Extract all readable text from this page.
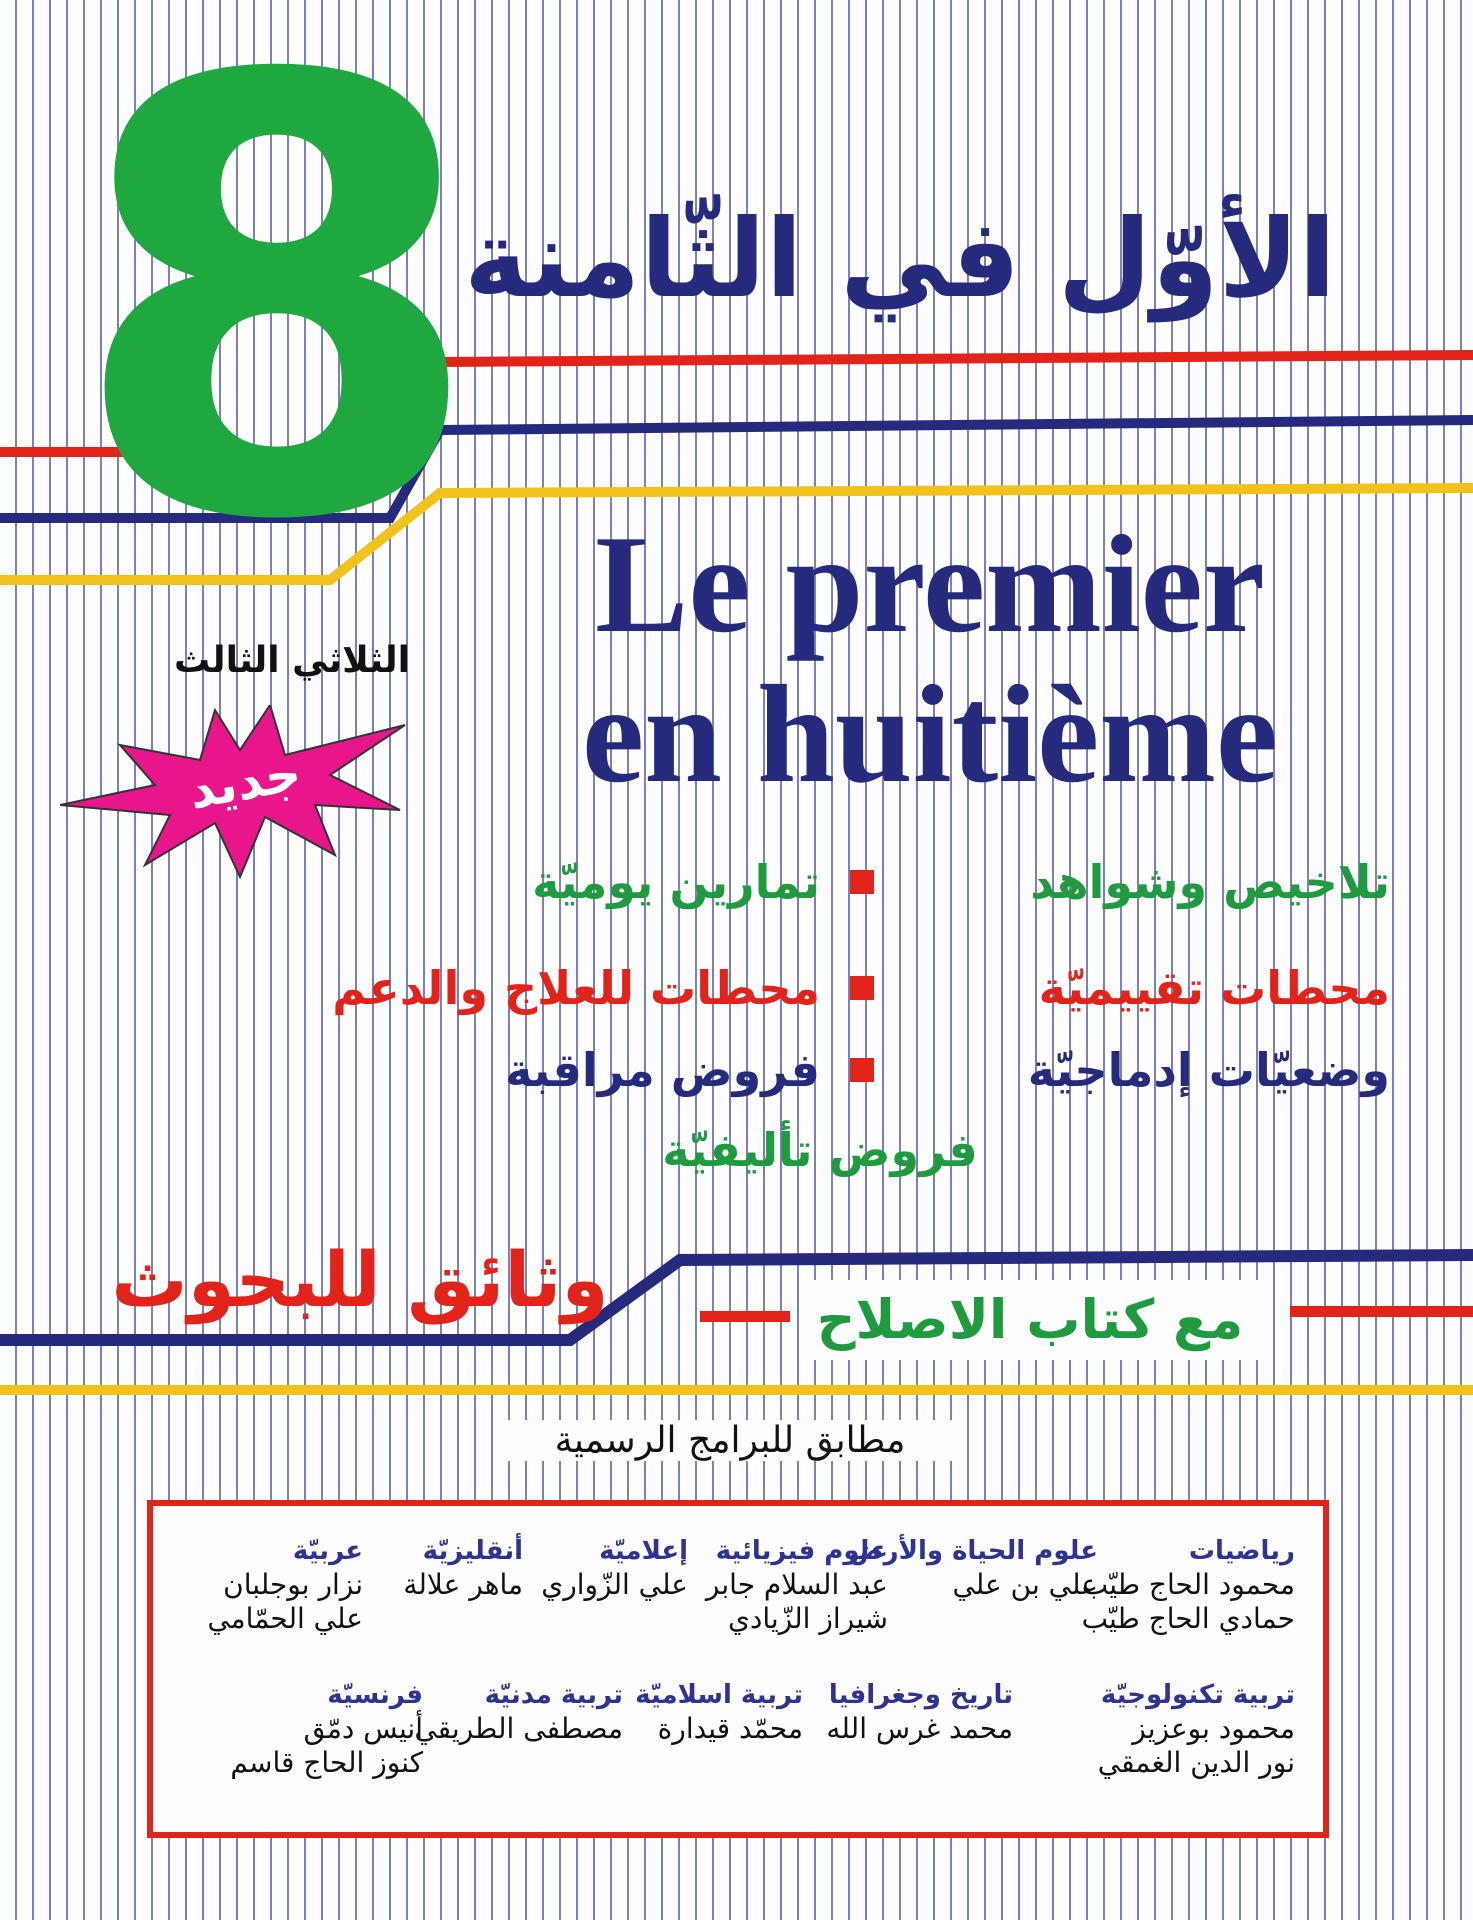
8
الأوّل في الثّامنة
Le premier
en huitième
الثلاثي الثالث
جديد
تلاخيص وشواهد
تمارين يوميّة
محطات تقييميّة
محطات للعلاج والدعم
وضعيّات إدماجيّة
فروض مراقبة
فروض تأليفيّة
وثائق للبحوث	مع كتاب الاصلاح
مطابق للبرامج الرسمية
رياضيات
محمود الحاج طيّب
حمادي الحاج طيّب
علوم الحياة والأرض
علي بن علي
علوم فيزيائية
عبد السلام جابر
شيراز الزّيادي
إعلاميّة
علي الزّواري
أنقليزيّة
ماهر علالة
عربيّة
نزار بوجلبان
علي الحمّامي
تربية تكنولوجيّة
محمود بوعزيز
نور الدين الغمقي
تاريخ وجغرافيا
محمد غرس الله
تربية اسلاميّة
محمّد قيدارة
تربية مدنيّة
مصطفى الطريقي
فرنسيّة
أنيس دمّق
كنوز الحاج قاسم
